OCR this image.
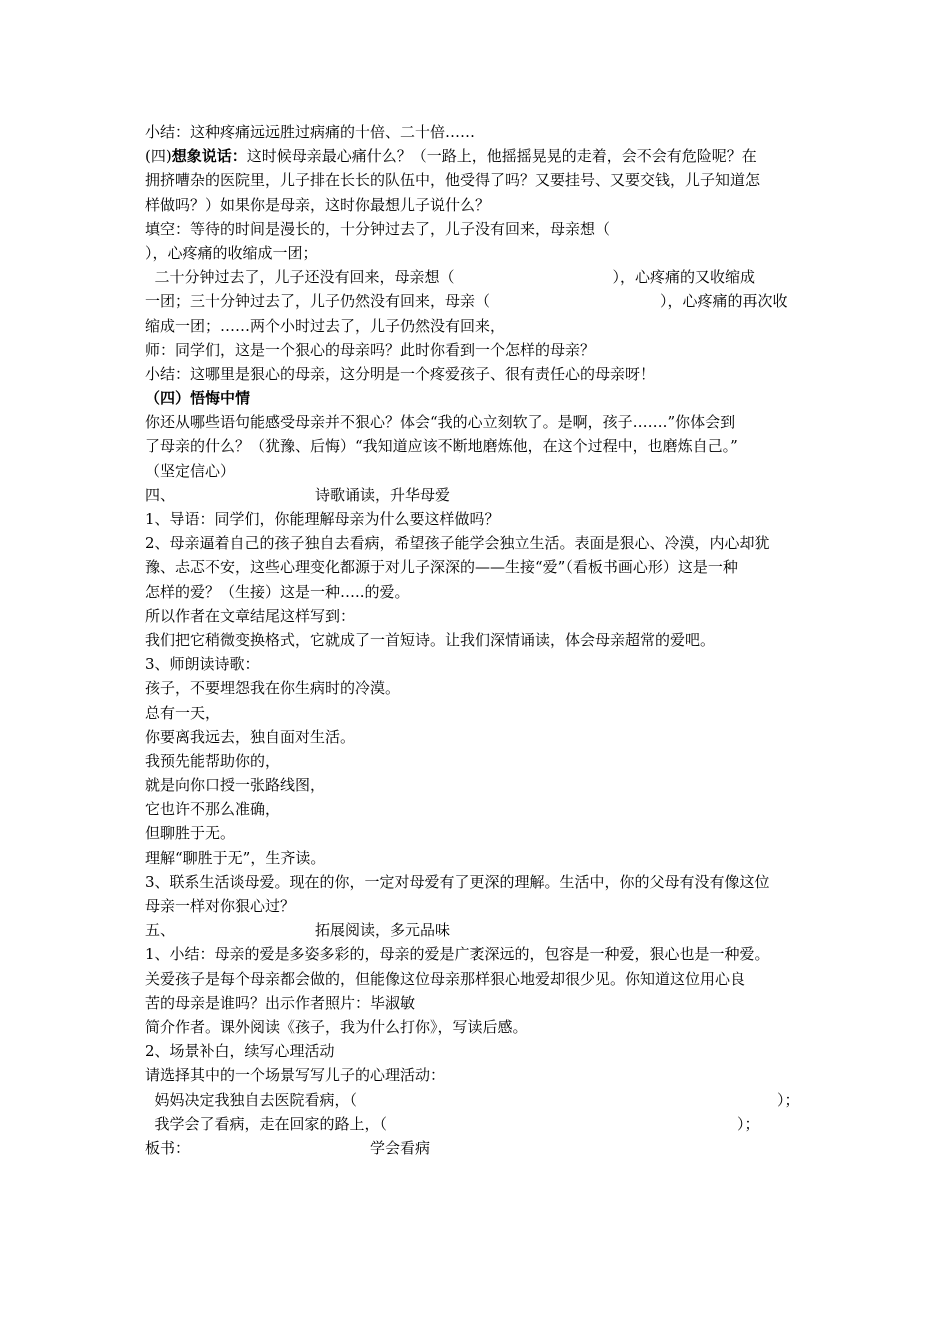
小结：这种疼痛远远胜过病痛的十倍、二十倍……
(四)想象说话：这时候母亲最心痛什么？（一路上，他摇摇晃晃的走着，会不会有危险呢？在
拥挤嘈杂的医院里，儿子排在长长的队伍中，他受得了吗？又要挂号、又要交钱，儿子知道怎
样做吗？）如果你是母亲，这时你最想儿子说什么？
填空：等待的时间是漫长的，十分钟过去了，儿子没有回来，母亲想（
），心疼痛的收缩成一团；
二十分钟过去了，儿子还没有回来，母亲想（	），心疼痛的又收缩成
一团；三十分钟过去了，儿子仍然没有回来，母亲（	），心疼痛的再次收
缩成一团；……两个小时过去了，儿子仍然没有回来，
师：同学们，这是一个狠心的母亲吗？此时你看到一个怎样的母亲？
小结：这哪里是狠心的母亲，这分明是一个疼爱孩子、很有责任心的母亲呀！
（四）悟悔中情
你还从哪些语句能感受母亲并不狠心？体会“我的心立刻软了。是啊，孩子…….”你体会到
了母亲的什么？（犹豫、后悔）“我知道应该不断地磨炼他，在这个过程中，也磨炼自己。”
（坚定信心）
四、	诗歌诵读，升华母爱
1、导语：同学们，你能理解母亲为什么要这样做吗？
2、母亲逼着自己的孩子独自去看病，希望孩子能学会独立生活。表面是狠心、冷漠，内心却犹
豫、忐忑不安，这些心理变化都源于对儿子深深的——生接“爱”（看板书画心形）这是一种
怎样的爱？（生接）这是一种…..的爱。
所以作者在文章结尾这样写到：
我们把它稍微变换格式，它就成了一首短诗。让我们深情诵读，体会母亲超常的爱吧。
3、师朗读诗歌：
孩子，不要埋怨我在你生病时的冷漠。
总有一天，
你要离我远去，独自面对生活。
我预先能帮助你的，
就是向你口授一张路线图，
它也许不那么准确，
但聊胜于无。
理解“聊胜于无”，生齐读。
3、联系生活谈母爱。现在的你，一定对母爱有了更深的理解。生活中，你的父母有没有像这位
母亲一样对你狠心过？
五、	拓展阅读，多元品味
1、小结：母亲的爱是多姿多彩的，母亲的爱是广袤深远的，包容是一种爱，狠心也是一种爱。
关爱孩子是每个母亲都会做的，但能像这位母亲那样狠心地爱却很少见。你知道这位用心良
苦的母亲是谁吗？出示作者照片：毕淑敏
简介作者。课外阅读《孩子，我为什么打你》，写读后感。
2、场景补白，续写心理活动
请选择其中的一个场景写写儿子的心理活动：
妈妈决定我独自去医院看病，（	）；
我学会了看病，走在回家的路上，（	）；
板书：	学会看病
